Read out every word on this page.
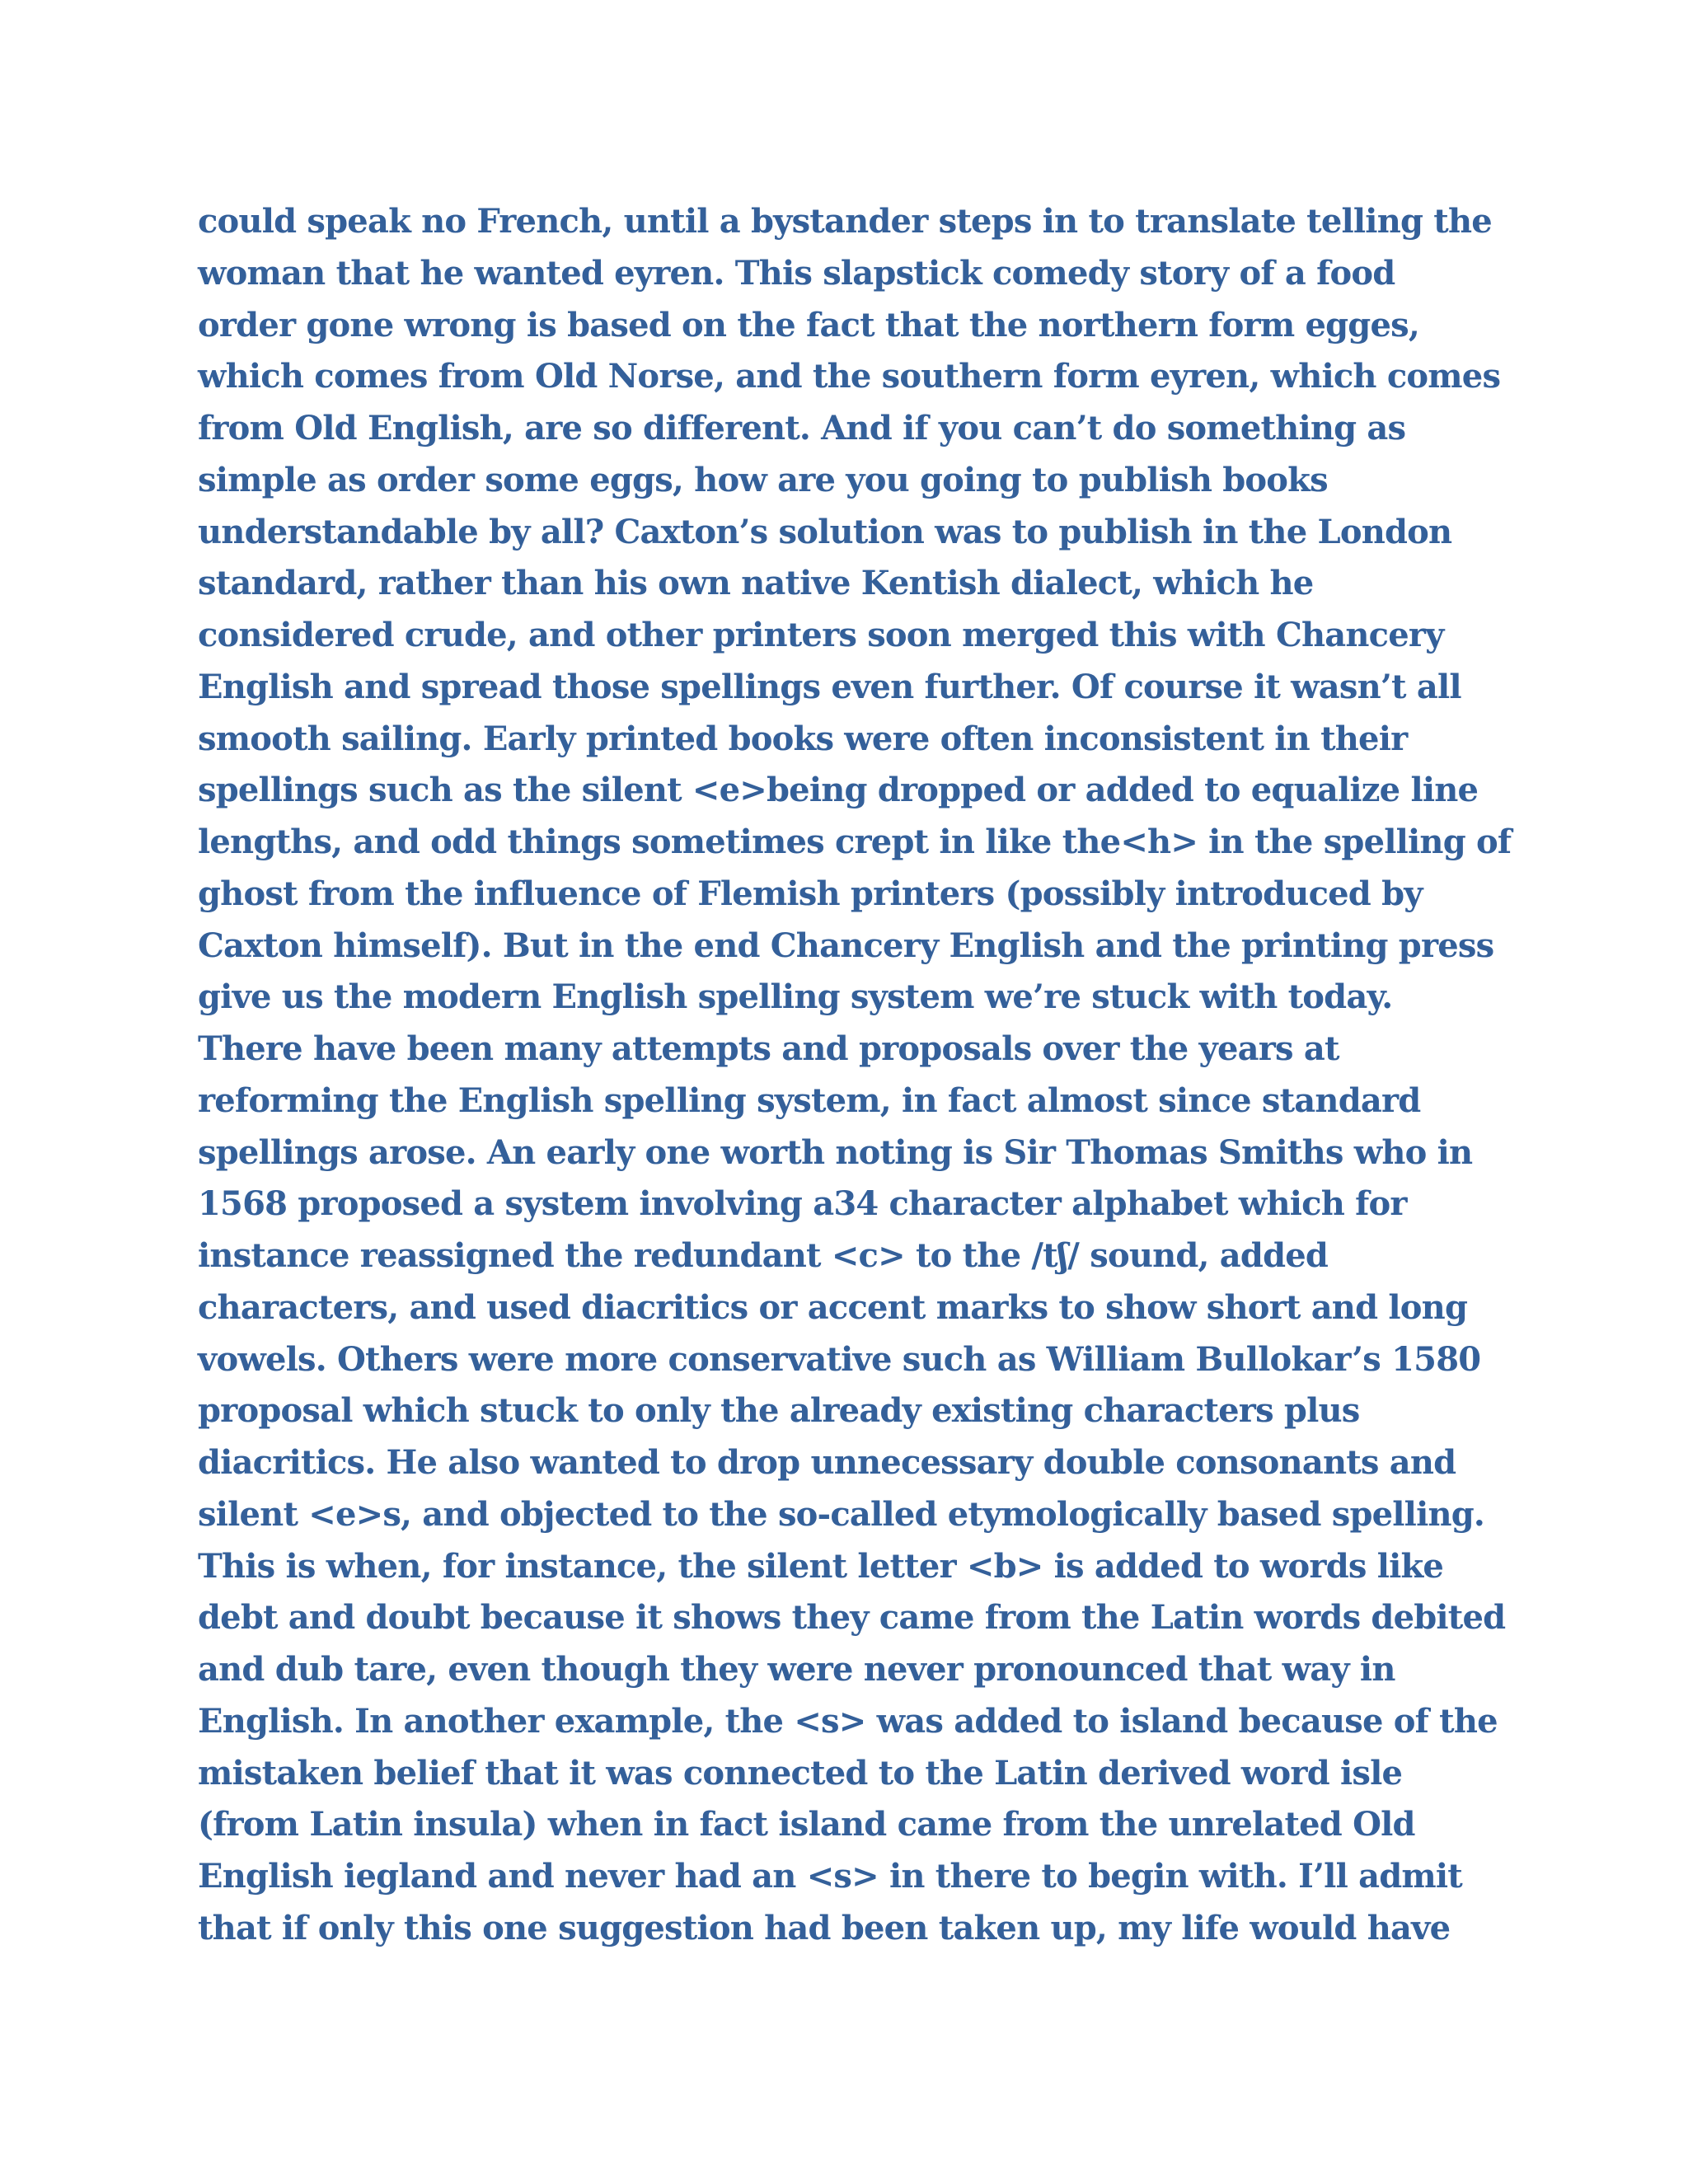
could speak no French, until a bystander steps in to translate telling the
woman that he wanted eyren. This slapstick comedy story of a food
order gone wrong is based on the fact that the northern form egges,
which comes from Old Norse, and the southern form eyren, which comes
from Old English, are so different. And if you can’t do something as
simple as order some eggs, how are you going to publish books
understandable by all? Caxton’s solution was to publish in the London
standard, rather than his own native Kentish dialect, which he
considered crude, and other printers soon merged this with Chancery
English and spread those spellings even further. Of course it wasn’t all
smooth sailing. Early printed books were often inconsistent in their
spellings such as the silent <e>being dropped or added to equalize line
lengths, and odd things sometimes crept in like the<h> in the spelling of
ghost from the influence of Flemish printers (possibly introduced by
Caxton himself). But in the end Chancery English and the printing press
give us the modern English spelling system we’re stuck with today.
There have been many attempts and proposals over the years at
reforming the English spelling system, in fact almost since standard
spellings arose. An early one worth noting is Sir Thomas Smiths who in
1568 proposed a system involving a34 character alphabet which for
instance reassigned the redundant <c> to the /tʃ/ sound, added
characters, and used diacritics or accent marks to show short and long
vowels. Others were more conservative such as William Bullokar’s 1580
proposal which stuck to only the already existing characters plus
diacritics. He also wanted to drop unnecessary double consonants and
silent <e>s, and objected to the so-called etymologically based spelling.
This is when, for instance, the silent letter <b> is added to words like
debt and doubt because it shows they came from the Latin words debited
and dub tare, even though they were never pronounced that way in
English. In another example, the <s> was added to island because of the
mistaken belief that it was connected to the Latin derived word isle
(from Latin insula) when in fact island came from the unrelated Old
English iegland and never had an <s> in there to begin with. I’ll admit
that if only this one suggestion had been taken up, my life would have
